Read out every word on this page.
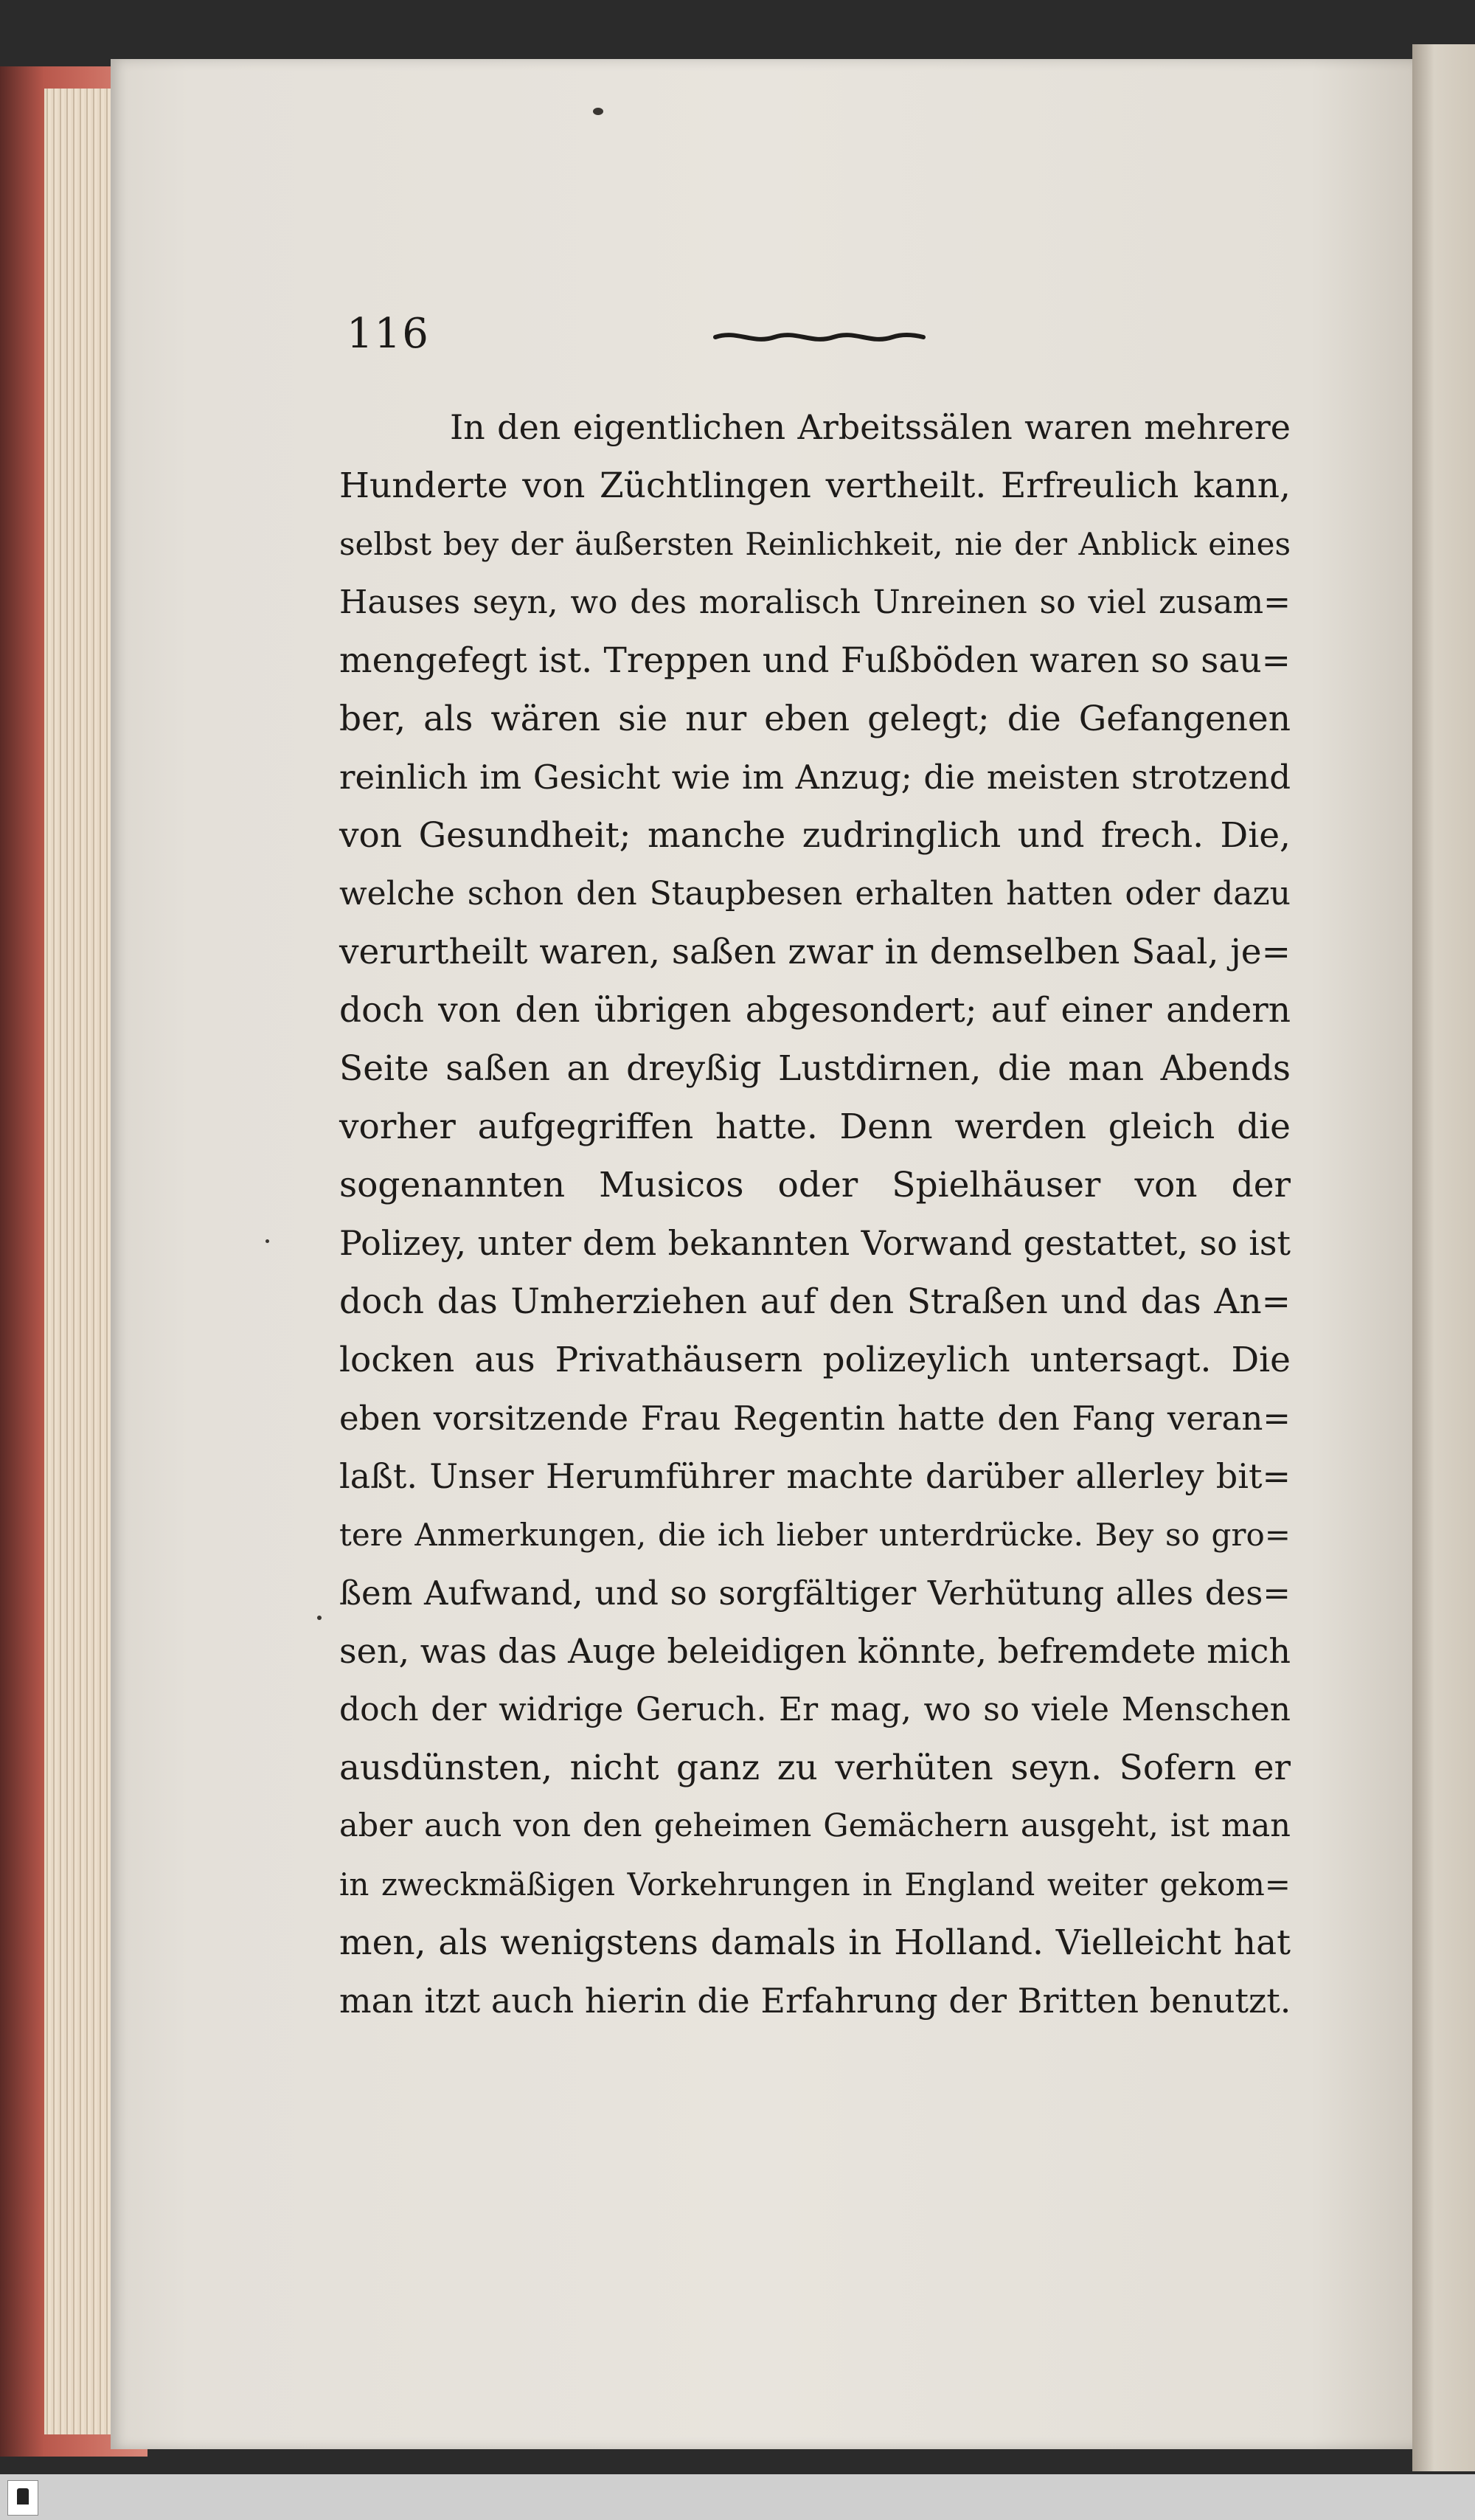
116
In den eigentlichen Arbeitssälen waren mehrere
Hunderte von Züchtlingen vertheilt. Erfreulich kann,
selbst bey der äußersten Reinlichkeit, nie der Anblick eines
Hauses seyn, wo des moralisch Unreinen so viel zusam=
mengefegt ist. Treppen und Fußböden waren so sau=
ber, als wären sie nur eben gelegt; die Gefangenen
reinlich im Gesicht wie im Anzug; die meisten strotzend
von Gesundheit; manche zudringlich und frech. Die,
welche schon den Staupbesen erhalten hatten oder dazu
verurtheilt waren, saßen zwar in demselben Saal, je=
doch von den übrigen abgesondert; auf einer andern
Seite saßen an dreyßig Lustdirnen, die man Abends
vorher aufgegriffen hatte. Denn werden gleich die
sogenannten Musicos oder Spielhäuser von der
Polizey, unter dem bekannten Vorwand gestattet, so ist
doch das Umherziehen auf den Straßen und das An=
locken aus Privathäusern polizeylich untersagt. Die
eben vorsitzende Frau Regentin hatte den Fang veran=
laßt. Unser Herumführer machte darüber allerley bit=
tere Anmerkungen, die ich lieber unterdrücke. Bey so gro=
ßem Aufwand, und so sorgfältiger Verhütung alles des=
sen, was das Auge beleidigen könnte, befremdete mich
doch der widrige Geruch. Er mag, wo so viele Menschen
ausdünsten, nicht ganz zu verhüten seyn. Sofern er
aber auch von den geheimen Gemächern ausgeht, ist man
in zweckmäßigen Vorkehrungen in England weiter gekom=
men, als wenigstens damals in Holland. Vielleicht hat
man itzt auch hierin die Erfahrung der Britten benutzt.
